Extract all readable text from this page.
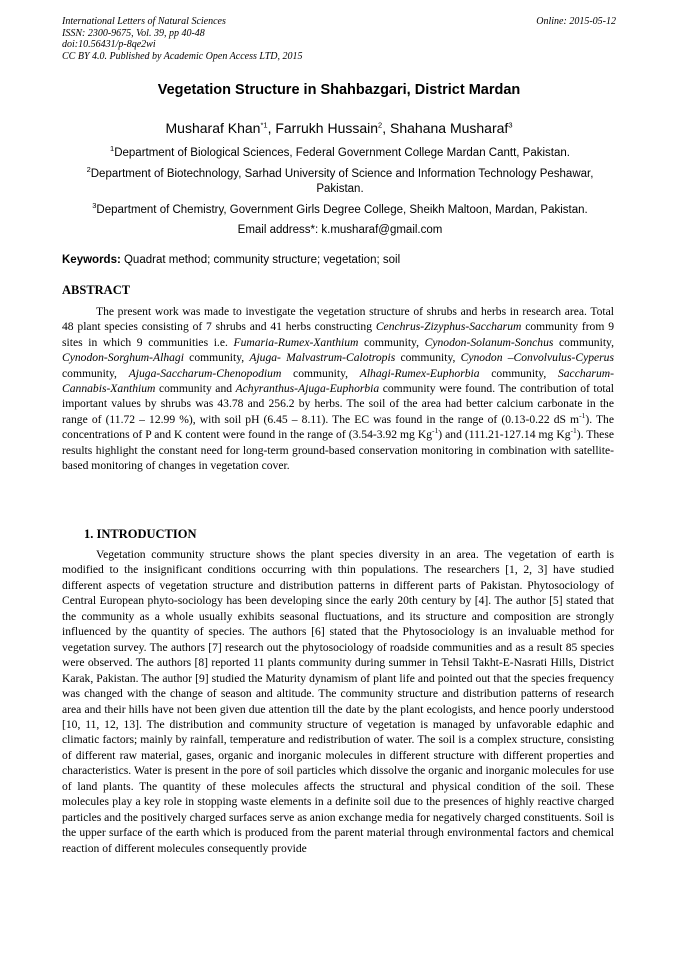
International Letters of Natural Sciences
ISSN: 2300-9675, Vol. 39, pp 40-48
doi:10.56431/p-8qe2wi
CC BY 4.0. Published by Academic Open Access LTD, 2015
Online: 2015-05-12
Vegetation Structure in Shahbazgari, District Mardan
Musharaf Khan$^{*1}$, Farrukh Hussain$^2$, Shahana Musharaf$^3$
$^1$Department of Biological Sciences, Federal Government College Mardan Cantt, Pakistan.
$^2$Department of Biotechnology, Sarhad University of Science and Information Technology Peshawar, Pakistan.
$^3$Department of Chemistry, Government Girls Degree College, Sheikh Maltoon, Mardan, Pakistan.
Email address*: k.musharaf@gmail.com
Keywords: Quadrat method; community structure; vegetation; soil
ABSTRACT
The present work was made to investigate the vegetation structure of shrubs and herbs in research area. Total 48 plant species consisting of 7 shrubs and 41 herbs constructing Cenchrus-Zizyphus-Saccharum community from 9 sites in which 9 communities i.e. Fumaria-Rumex-Xanthium community, Cynodon-Solanum-Sonchus community, Cynodon-Sorghum-Alhagi community, Ajuga- Malvastrum-Calotropis community, Cynodon –Convolvulus-Cyperus community, Ajuga-Saccharum-Chenopodium community, Alhagi-Rumex-Euphorbia community, Saccharum-Cannabis-Xanthium community and Achyranthus-Ajuga-Euphorbia community were found. The contribution of total important values by shrubs was 43.78 and 256.2 by herbs. The soil of the area had better calcium carbonate in the range of (11.72 – 12.99 %), with soil pH (6.45 – 8.11). The EC was found in the range of (0.13-0.22 dS $m^{-1}$). The concentrations of P and K content were found in the range of (3.54-3.92 mg $Kg^{-1}$) and (111.21-127.14 mg $Kg^{-1}$). These results highlight the constant need for long-term ground-based conservation monitoring in combination with satellite-based monitoring of changes in vegetation cover.
1. INTRODUCTION
Vegetation community structure shows the plant species diversity in an area. The vegetation of earth is modified to the insignificant conditions occurring with thin populations. The researchers [1, 2, 3] have studied different aspects of vegetation structure and distribution patterns in different parts of Pakistan. Phytosociology of Central European phyto-sociology has been developing since the early 20th century by [4]. The author [5] stated that the community as a whole usually exhibits seasonal fluctuations, and its structure and composition are strongly influenced by the quantity of species. The authors [6] stated that the Phytosociology is an invaluable method for vegetation survey. The authors [7] research out the phytosociology of roadside communities and as a result 85 species were observed. The authors [8] reported 11 plants community during summer in Tehsil Takht-E-Nasrati Hills, District Karak, Pakistan. The author [9] studied the Maturity dynamism of plant life and pointed out that the species frequency was changed with the change of season and altitude. The community structure and distribution patterns of research area and their hills have not been given due attention till the date by the plant ecologists, and hence poorly understood [10, 11, 12, 13]. The distribution and community structure of vegetation is managed by unfavorable edaphic and climatic factors; mainly by rainfall, temperature and redistribution of water. The soil is a complex structure, consisting of different raw material, gases, organic and inorganic molecules in different structure with different properties and characteristics. Water is present in the pore of soil particles which dissolve the organic and inorganic molecules for use of land plants. The quantity of these molecules affects the structural and physical condition of the soil. These molecules play a key role in stopping waste elements in a definite soil due to the presences of highly reactive charged particles and the positively charged surfaces serve as anion exchange media for negatively charged constituents. Soil is the upper surface of the earth which is produced from the parent material through environmental factors and chemical reaction of different molecules consequently provide
